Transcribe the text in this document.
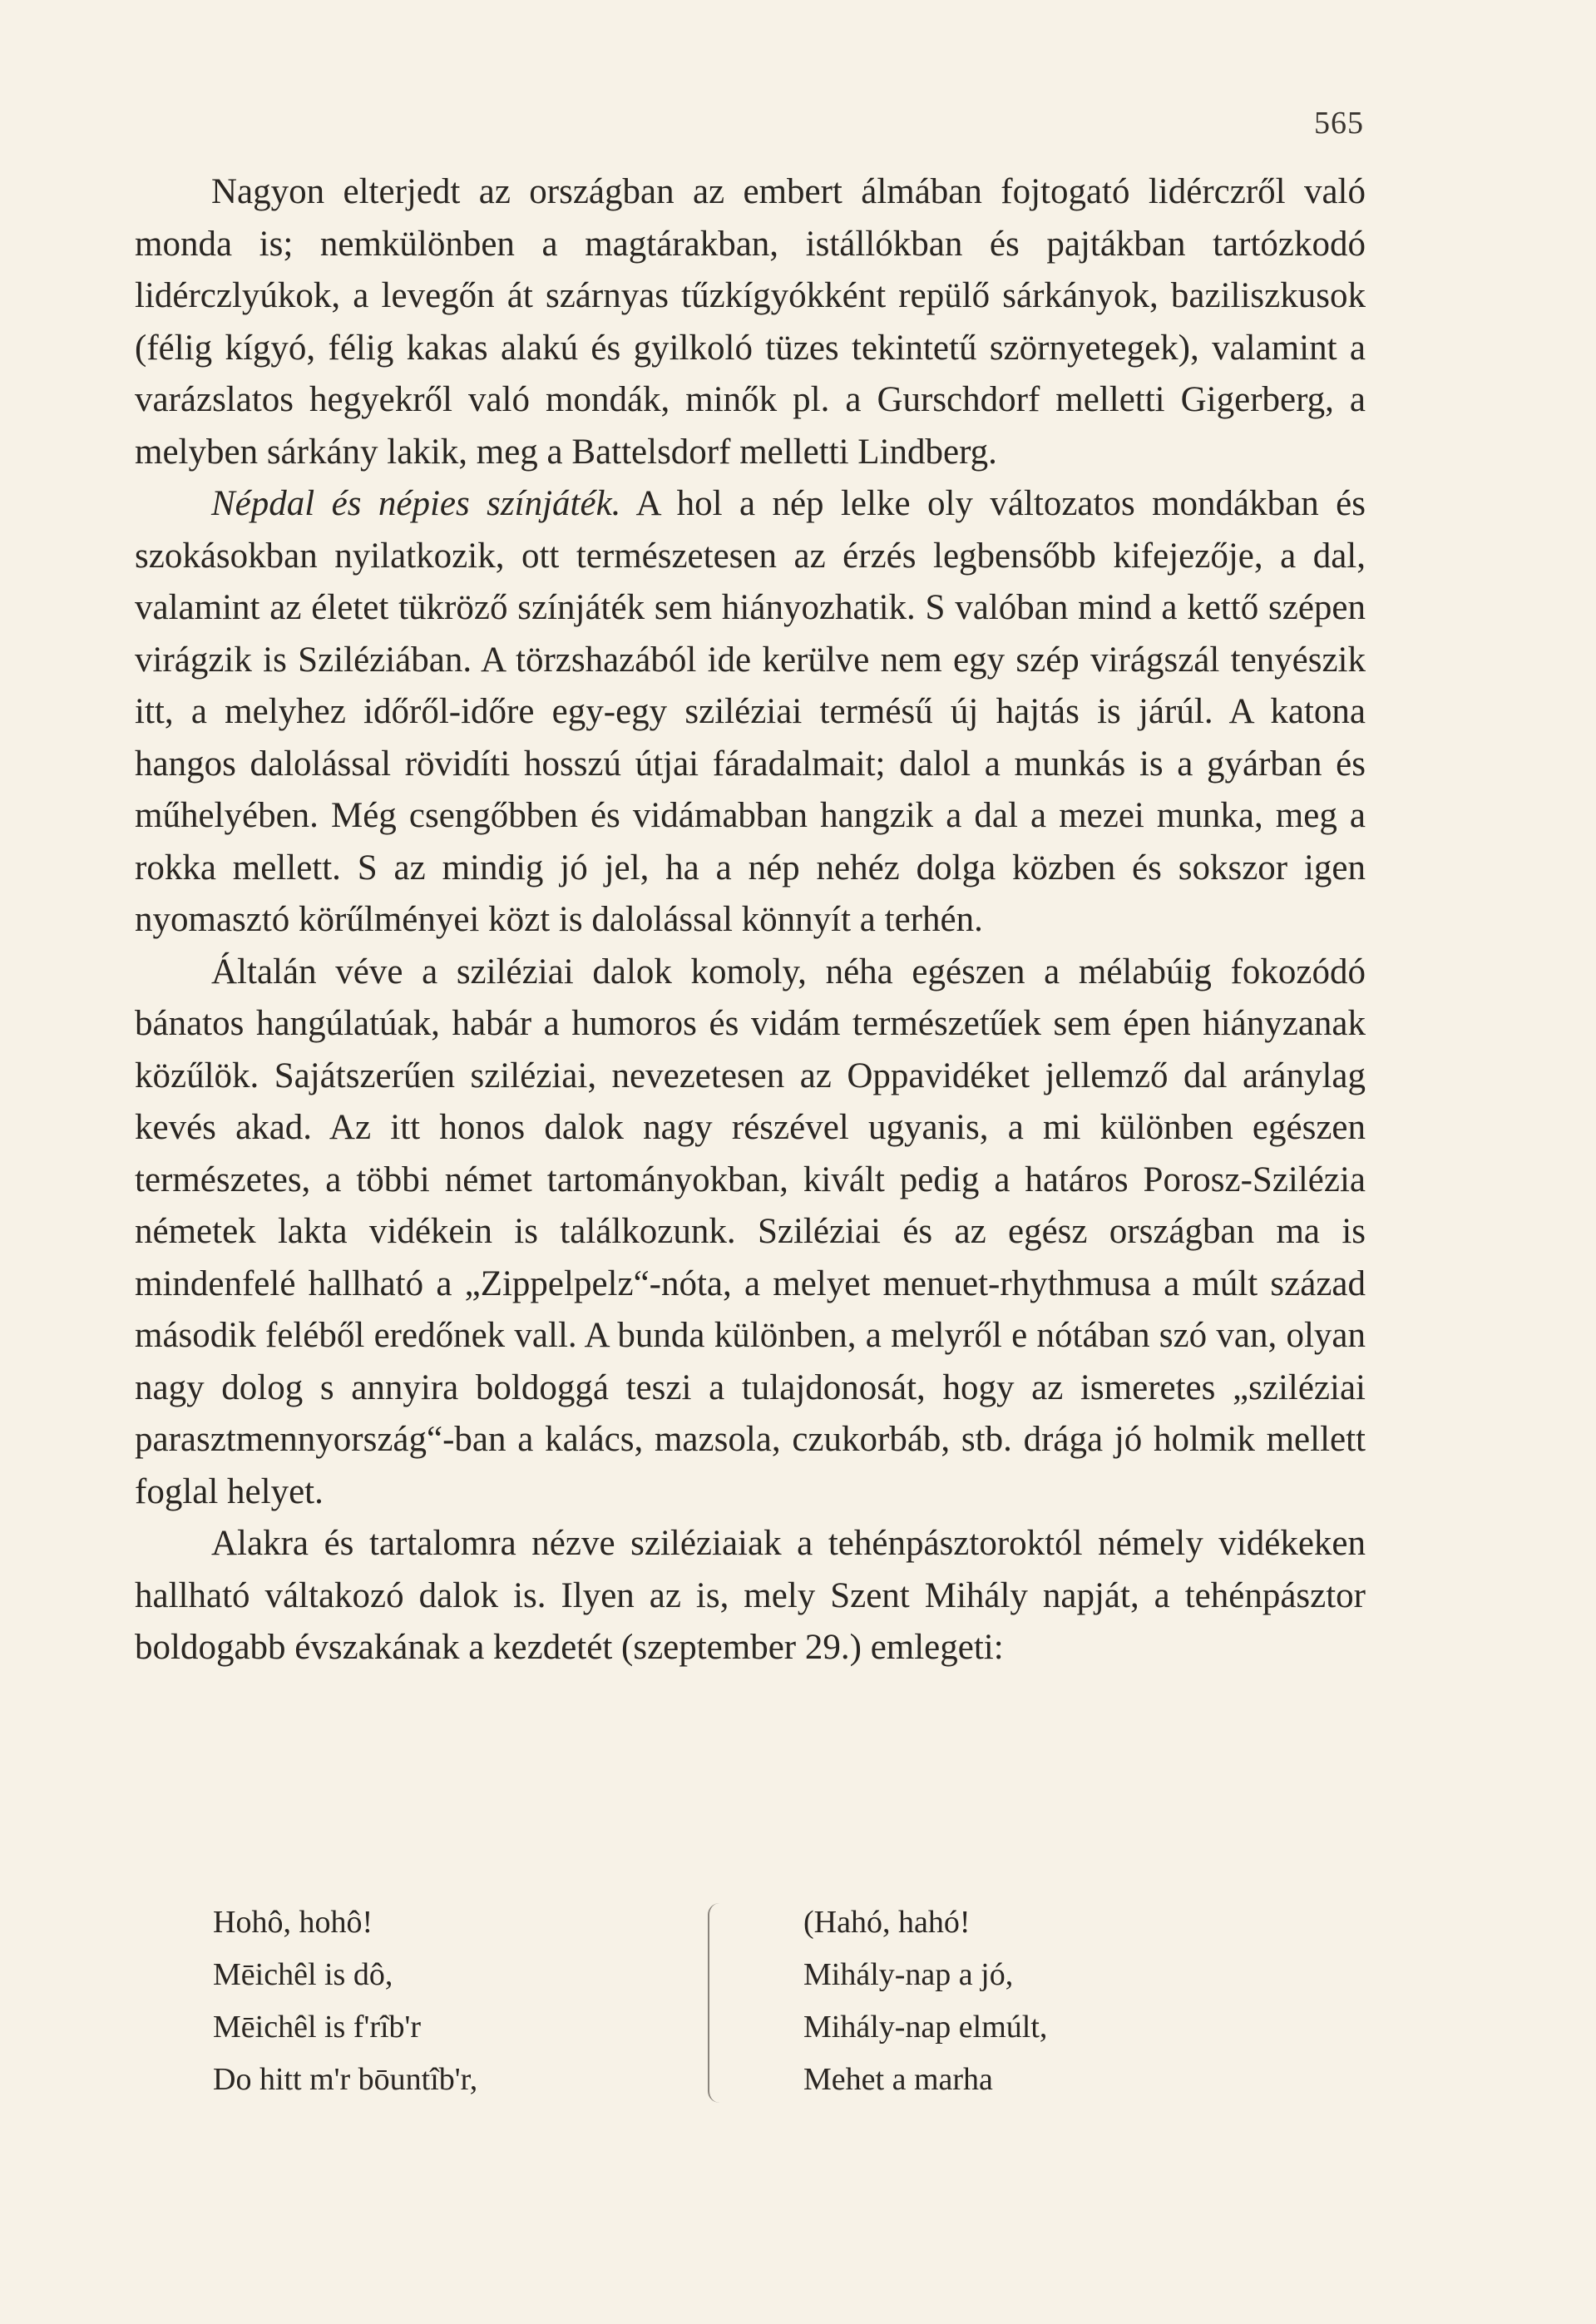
565

Nagyon elterjedt az országban az embert álmában fojtogató lidérczről való monda is; nemkülönben a magtárakban, istállókban és pajtákban tartózkodó lidérczlyúkok, a levegőn át szárnyas tűzkígyókként repülő sárkányok, baziliszkusok (félig kígyó, félig kakas alakú és gyilkoló tüzes tekintetű szörnyetegek), valamint a varázslatos hegyekről való mondák, minők pl. a Gurschdorf melletti Gigerberg, a melyben sárkány lakik, meg a Battelsdorf melletti Lindberg.

Népdal és népies színjáték. A hol a nép lelke oly változatos mondákban és szokásokban nyilatkozik, ott természetesen az érzés legbensőbb kifejezője, a dal, valamint az életet tükröző színjáték sem hiányozhatik. S valóban mind a kettő szépen virágzik is Sziléziában. A törzshazából ide kerülve nem egy szép virágszál tenyészik itt, a melyhez időről-időre egy-egy sziléziai termésű új hajtás is járúl. A katona hangos dalolással rövidíti hosszú útjai fáradalmait; dalol a munkás is a gyárban és műhelyében. Még csengőbben és vidámabban hangzik a dal a mezei munka, meg a rokka mellett. S az mindig jó jel, ha a nép nehéz dolga közben és sokszor igen nyomasztó körűlményei közt is dalolással könnyít a terhén.

Általán véve a sziléziai dalok komoly, néha egészen a mélabúig fokozódó bánatos hangúlatúak, habár a humoros és vidám természetűek sem épen hiányzanak közűlök. Sajátszerűen sziléziai, nevezetesen az Oppavidéket jellemző dal aránylag kevés akad. Az itt honos dalok nagy részével ugyanis, a mi különben egészen természetes, a többi német tartományokban, kivált pedig a határos Porosz-Szilézia németek lakta vidékein is találkozunk. Sziléziai és az egész országban ma is mindenfelé hallható a „Zippelpelz“-nóta, a melyet menuet-rhythmusa a múlt század második feléből eredőnek vall. A bunda különben, a melyről e nótában szó van, olyan nagy dolog s annyira boldoggá teszi a tulajdonosát, hogy az ismeretes „sziléziai parasztmennyország“-ban a kalács, mazsola, czukorbáb, stb. drága jó holmik mellett foglal helyet.

Alakra és tartalomra nézve sziléziaiak a tehénpásztoroktól némely vidékeken hallható váltakozó dalok is. Ilyen az is, mely Szent Mihály napját, a tehénpásztor boldogabb évszakának a kezdetét (szeptember 29.) emlegeti:

Hohô, hohô!
Mēichêl is dô,
Mēichêl is f'rîb'r
Do hitt m'r bōuntîb'r,
(Hahó, hahó!
Mihály-nap a jó,
Mihály-nap elmúlt,
Mehet a marha
